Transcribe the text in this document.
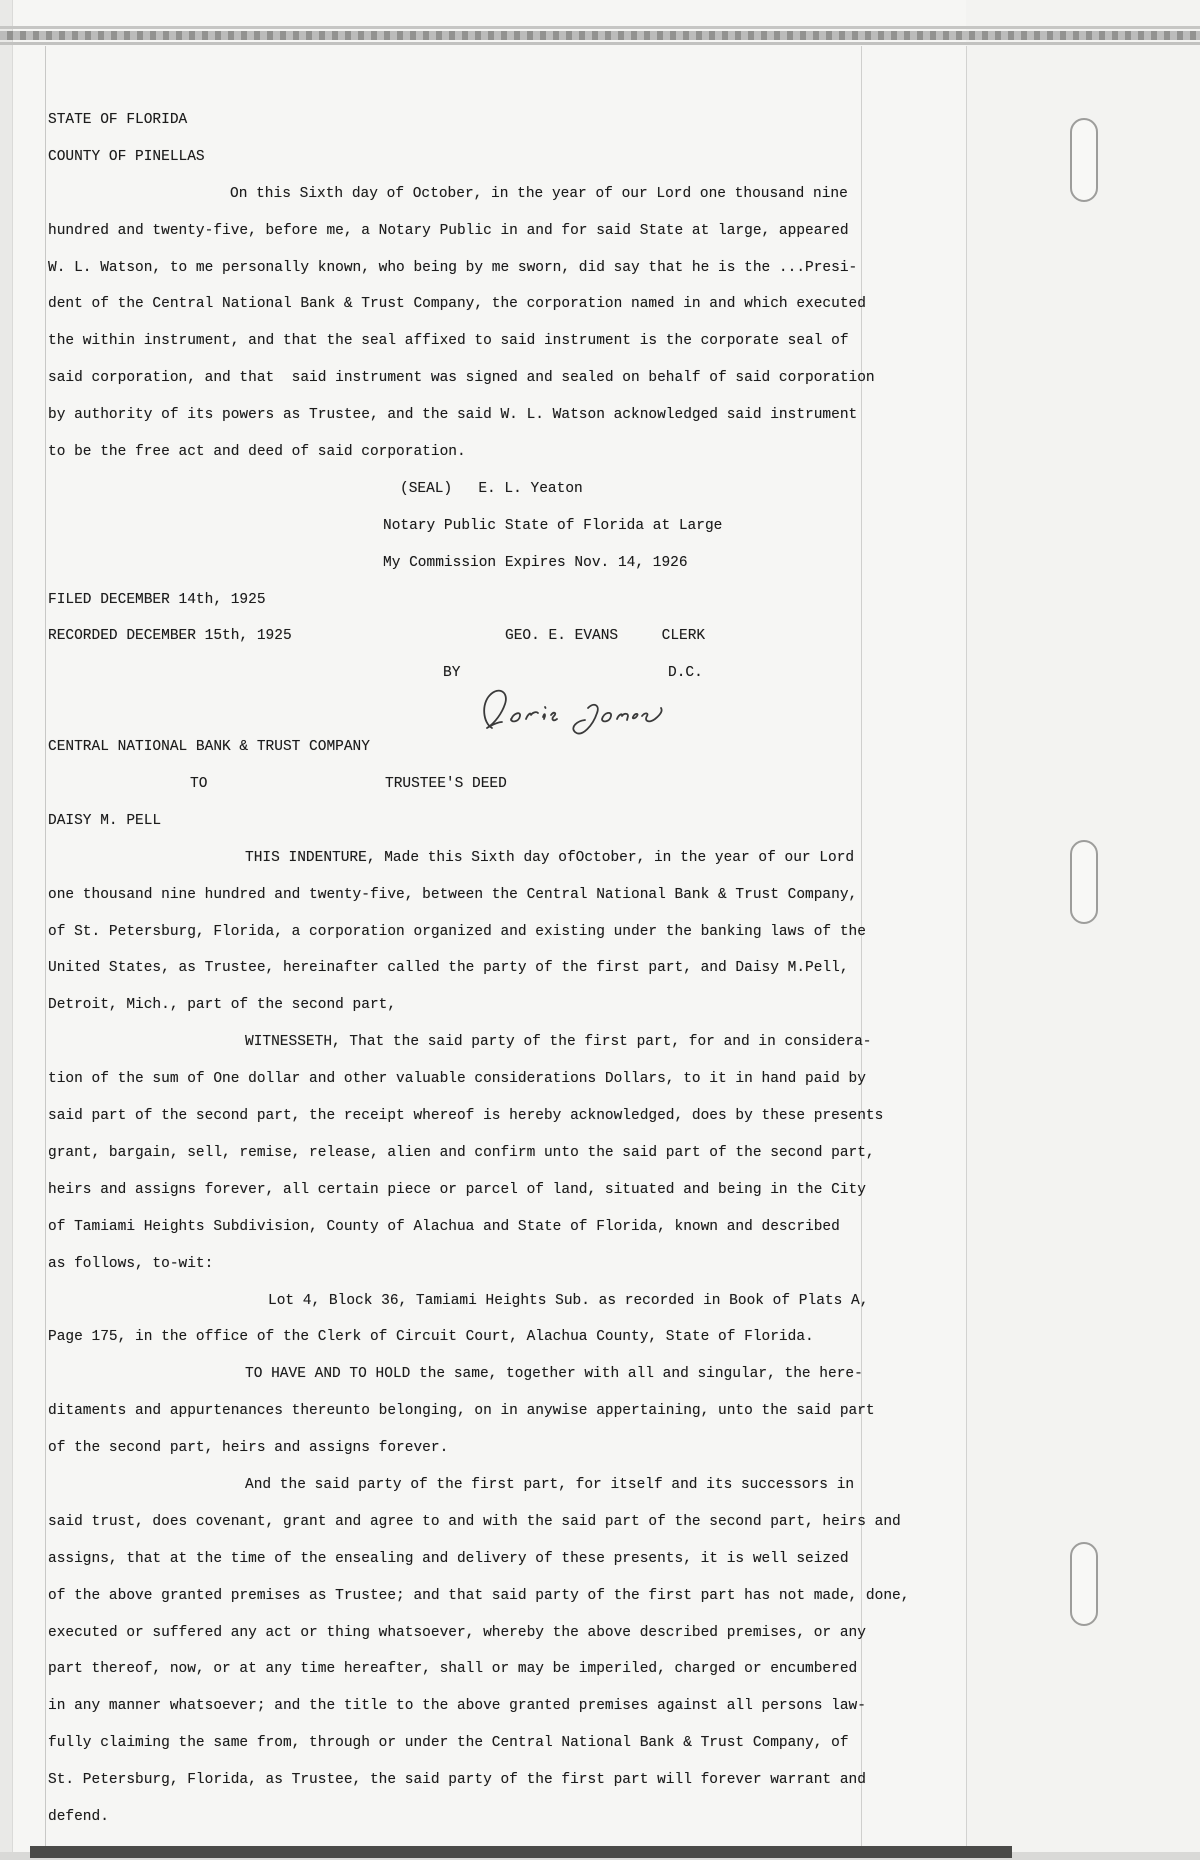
STATE OF FLORIDA
COUNTY OF PINELLAS
On this Sixth day of October, in the year of our Lord one thousand nine
hundred and twenty-five, before me, a Notary Public in and for said State at large, appeared
W. L. Watson, to me personally known, who being by me sworn, did say that he is the ...Presi-
dent of the Central National Bank & Trust Company, the corporation named in and which executed
the within instrument, and that the seal affixed to said instrument is the corporate seal of
said corporation, and that  said instrument was signed and sealed on behalf of said corporation
by authority of its powers as Trustee, and the said W. L. Watson acknowledged said instrument
to be the free act and deed of said corporation.
(SEAL)   E. L. Yeaton
Notary Public State of Florida at Large
My Commission Expires Nov. 14, 1926
FILED DECEMBER 14th, 1925
RECORDED DECEMBER 15th, 1925	GEO. E. EVANS     CLERK
BY

	D.C.
CENTRAL NATIONAL BANK & TRUST COMPANY
TO	TRUSTEE'S DEED
DAISY M. PELL
THIS INDENTURE, Made this Sixth day ofOctober, in the year of our Lord
one thousand nine hundred and twenty-five, between the Central National Bank & Trust Company,
of St. Petersburg, Florida, a corporation organized and existing under the banking laws of the
United States, as Trustee, hereinafter called the party of the first part, and Daisy M.Pell,
Detroit, Mich., part of the second part,
WITNESSETH, That the said party of the first part, for and in considera-
tion of the sum of One dollar and other valuable considerations Dollars, to it in hand paid by
said part of the second part, the receipt whereof is hereby acknowledged, does by these presents
grant, bargain, sell, remise, release, alien and confirm unto the said part of the second part,
heirs and assigns forever, all certain piece or parcel of land, situated and being in the City
of Tamiami Heights Subdivision, County of Alachua and State of Florida, known and described
as follows, to-wit:
Lot 4, Block 36, Tamiami Heights Sub. as recorded in Book of Plats A,
Page 175, in the office of the Clerk of Circuit Court, Alachua County, State of Florida.
TO HAVE AND TO HOLD the same, together with all and singular, the here-
ditaments and appurtenances thereunto belonging, on in anywise appertaining, unto the said part
of the second part, heirs and assigns forever.
And the said party of the first part, for itself and its successors in
said trust, does covenant, grant and agree to and with the said part of the second part, heirs and
assigns, that at the time of the ensealing and delivery of these presents, it is well seized
of the above granted premises as Trustee; and that said party of the first part has not made, done,
executed or suffered any act or thing whatsoever, whereby the above described premises, or any
part thereof, now, or at any time hereafter, shall or may be imperiled, charged or encumbered
in any manner whatsoever; and the title to the above granted premises against all persons law-
fully claiming the same from, through or under the Central National Bank & Trust Company, of
St. Petersburg, Florida, as Trustee, the said party of the first part will forever warrant and
defend.
